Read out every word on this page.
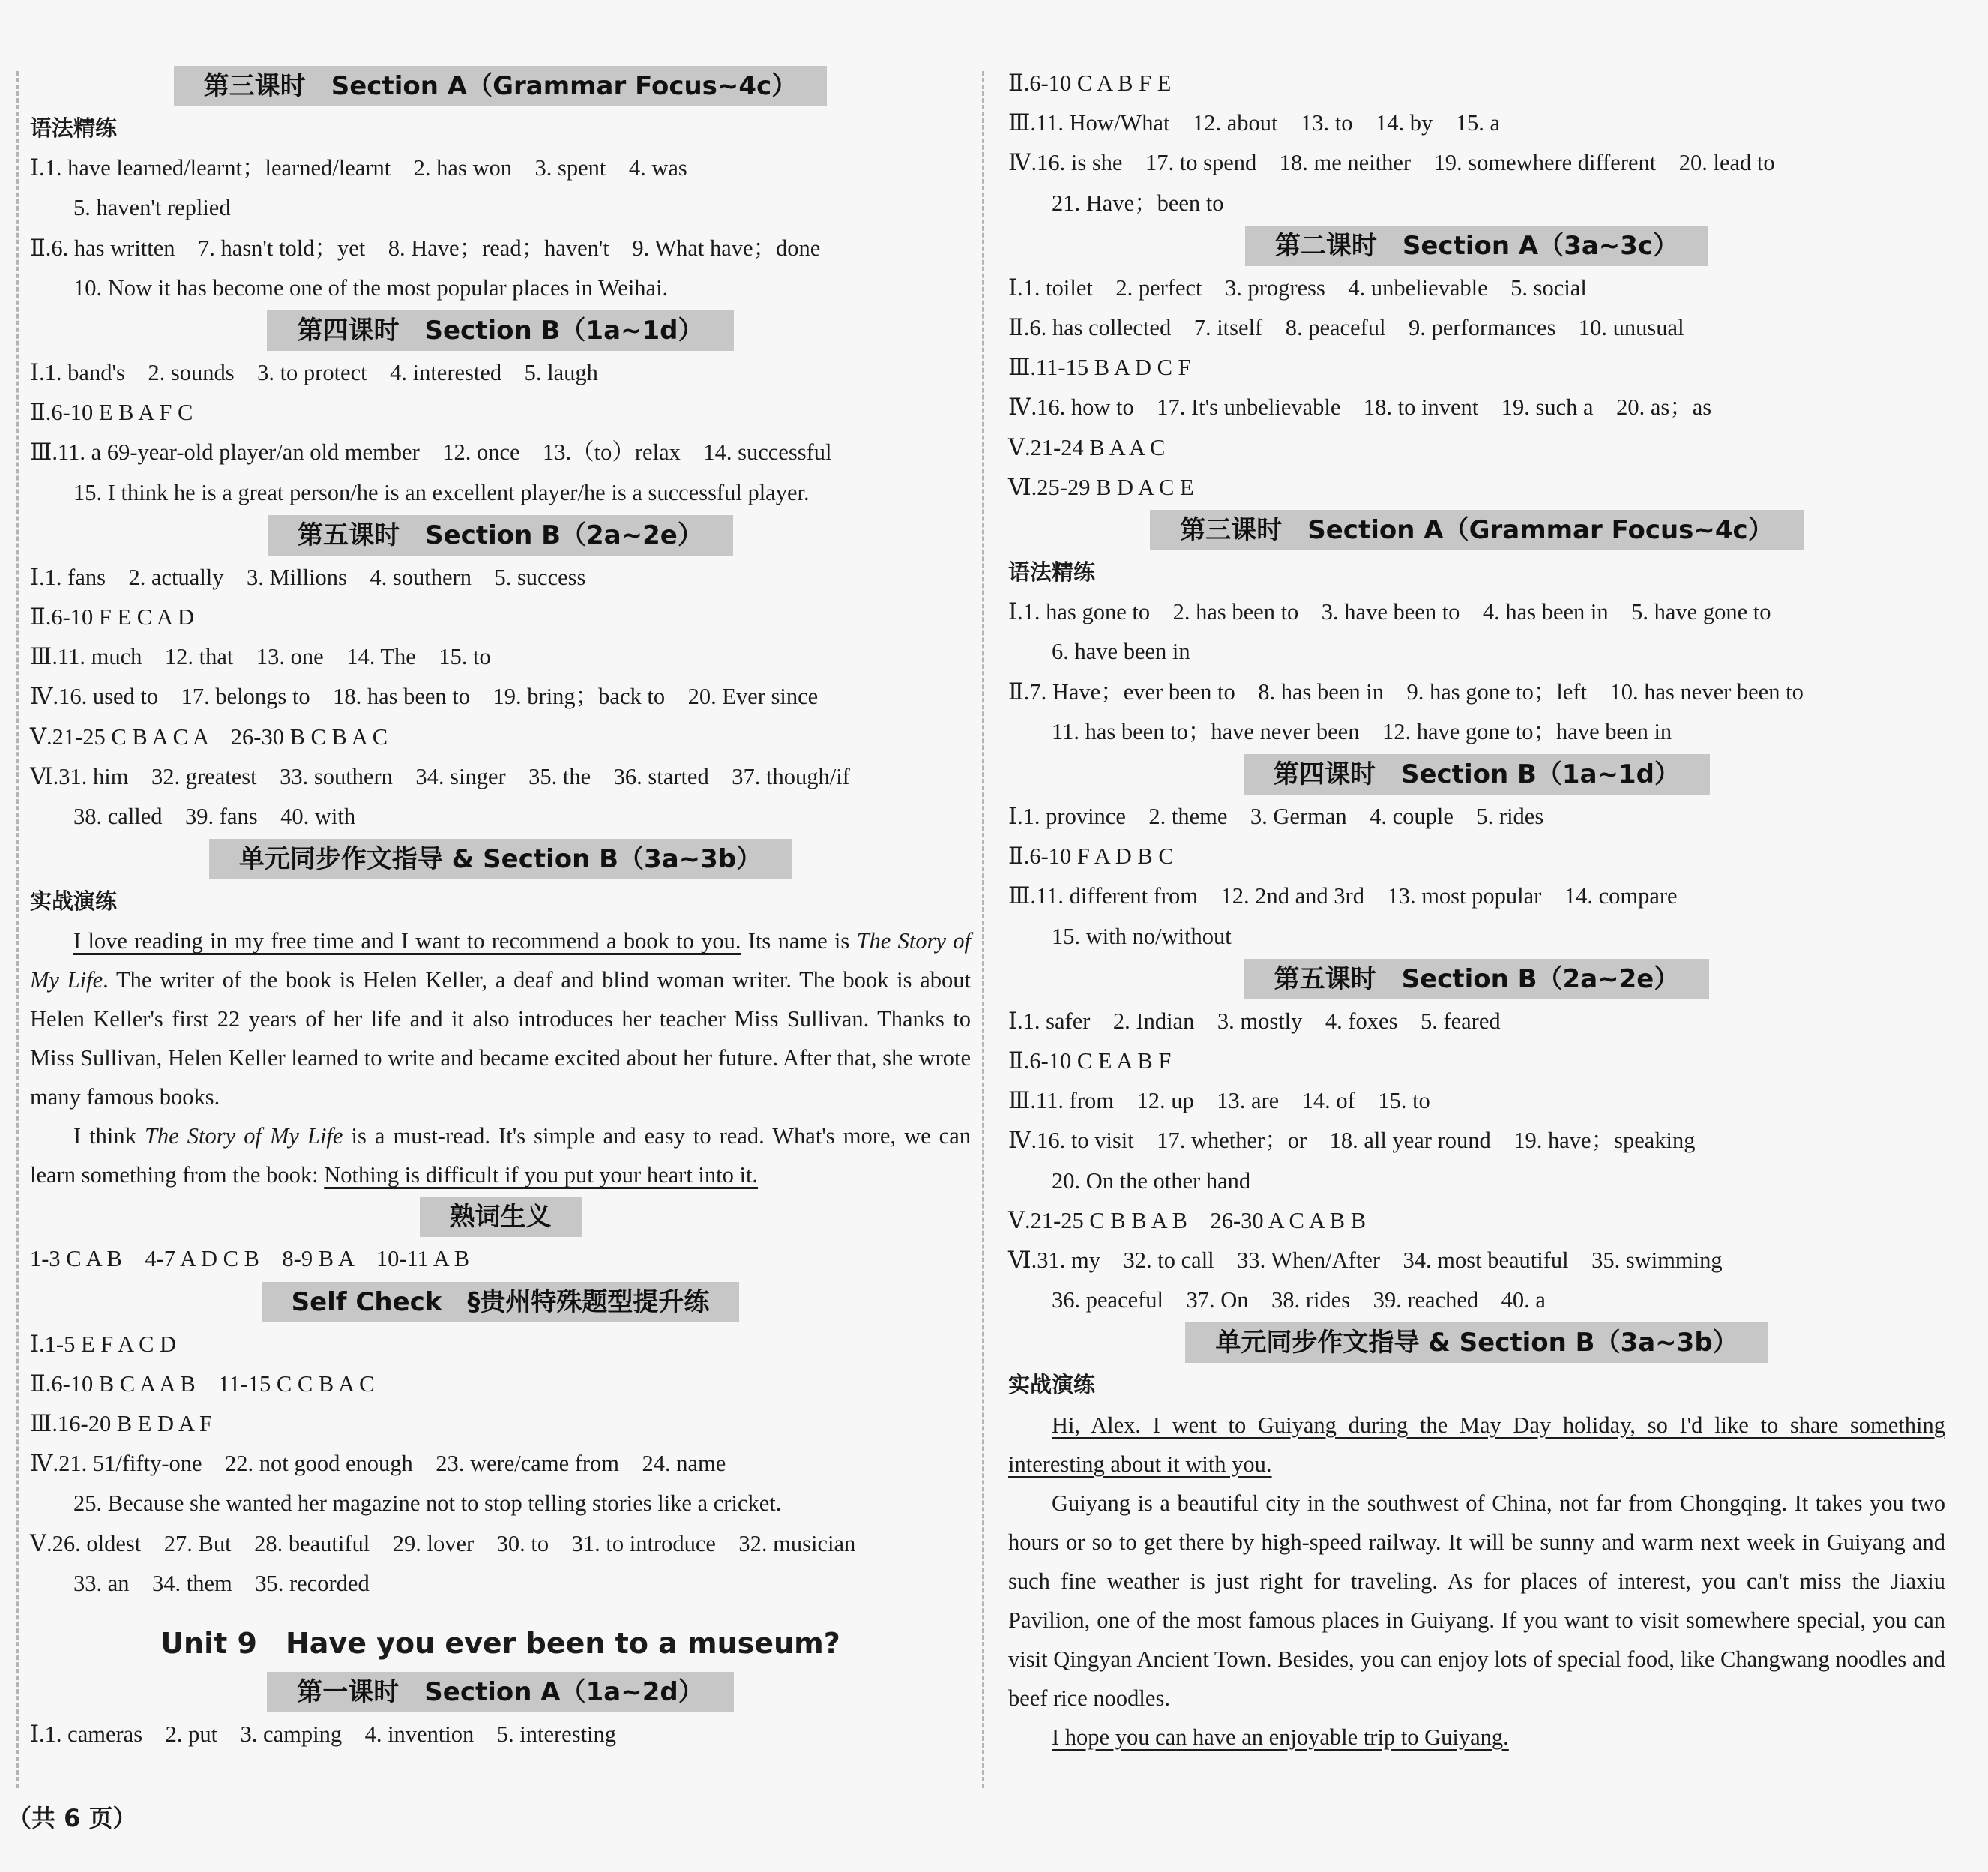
第三课时　Section A（Grammar Focus~4c）
语法精练
Ⅰ.1. have learned/learnt；learned/learnt　2. has won　3. spent　4. was
5. haven't replied
Ⅱ.6. has written　7. hasn't told；yet　8. Have；read；haven't　9. What have；done
10. Now it has become one of the most popular places in Weihai.
第四课时　Section B（1a~1d）
Ⅰ.1. band's　2. sounds　3. to protect　4. interested　5. laugh
Ⅱ.6-10 E B A F C
Ⅲ.11. a 69-year-old player/an old member　12. once　13.（to）relax　14. successful
15. I think he is a great person/he is an excellent player/he is a successful player.
第五课时　Section B（2a~2e）
Ⅰ.1. fans　2. actually　3. Millions　4. southern　5. success
Ⅱ.6-10 F E C A D
Ⅲ.11. much　12. that　13. one　14. The　15. to
Ⅳ.16. used to　17. belongs to　18. has been to　19. bring；back to　20. Ever since
Ⅴ.21-25 C B A C A　26-30 B C B A C
Ⅵ.31. him　32. greatest　33. southern　34. singer　35. the　36. started　37. though/if
38. called　39. fans　40. with
单元同步作文指导 & Section B（3a~3b）
实战演练
I love reading in my free time and I want to recommend a book to you. Its name is The Story of My Life. The writer of the book is Helen Keller, a deaf and blind woman writer. The book is about Helen Keller's first 22 years of her life and it also introduces her teacher Miss Sullivan. Thanks to Miss Sullivan, Helen Keller learned to write and became excited about her future. After that, she wrote many famous books.
I think The Story of My Life is a must-read. It's simple and easy to read. What's more, we can learn something from the book: Nothing is difficult if you put your heart into it.
熟词生义
1-3 C A B　4-7 A D C B　8-9 B A　10-11 A B
Self Check　§贵州特殊题型提升练
Ⅰ.1-5 E F A C D
Ⅱ.6-10 B C A A B　11-15 C C B A C
Ⅲ.16-20 B E D A F
Ⅳ.21. 51/fifty-one　22. not good enough　23. were/came from　24. name
25. Because she wanted her magazine not to stop telling stories like a cricket.
Ⅴ.26. oldest　27. But　28. beautiful　29. lover　30. to　31. to introduce　32. musician
33. an　34. them　35. recorded
Unit 9　Have you ever been to a museum?
第一课时　Section A（1a~2d）
Ⅰ.1. cameras　2. put　3. camping　4. invention　5. interesting
Ⅱ.6-10 C A B F E
Ⅲ.11. How/What　12. about　13. to　14. by　15. a
Ⅳ.16. is she　17. to spend　18. me neither　19. somewhere different　20. lead to
21. Have；been to
第二课时　Section A（3a~3c）
Ⅰ.1. toilet　2. perfect　3. progress　4. unbelievable　5. social
Ⅱ.6. has collected　7. itself　8. peaceful　9. performances　10. unusual
Ⅲ.11-15 B A D C F
Ⅳ.16. how to　17. It's unbelievable　18. to invent　19. such a　20. as；as
Ⅴ.21-24 B A A C
Ⅵ.25-29 B D A C E
第三课时　Section A（Grammar Focus~4c）
语法精练
Ⅰ.1. has gone to　2. has been to　3. have been to　4. has been in　5. have gone to
6. have been in
Ⅱ.7. Have；ever been to　8. has been in　9. has gone to；left　10. has never been to
11. has been to；have never been　12. have gone to；have been in
第四课时　Section B（1a~1d）
Ⅰ.1. province　2. theme　3. German　4. couple　5. rides
Ⅱ.6-10 F A D B C
Ⅲ.11. different from　12. 2nd and 3rd　13. most popular　14. compare
15. with no/without
第五课时　Section B（2a~2e）
Ⅰ.1. safer　2. Indian　3. mostly　4. foxes　5. feared
Ⅱ.6-10 C E A B F
Ⅲ.11. from　12. up　13. are　14. of　15. to
Ⅳ.16. to visit　17. whether；or　18. all year round　19. have；speaking
20. On the other hand
Ⅴ.21-25 C B B A B　26-30 A C A B B
Ⅵ.31. my　32. to call　33. When/After　34. most beautiful　35. swimming
36. peaceful　37. On　38. rides　39. reached　40. a
单元同步作文指导 & Section B（3a~3b）
实战演练
Hi, Alex. I went to Guiyang during the May Day holiday, so I'd like to share something interesting about it with you.
Guiyang is a beautiful city in the southwest of China, not far from Chongqing. It takes you two hours or so to get there by high-speed railway. It will be sunny and warm next week in Guiyang and such fine weather is just right for traveling. As for places of interest, you can't miss the Jiaxiu Pavilion, one of the most famous places in Guiyang. If you want to visit somewhere special, you can visit Qingyan Ancient Town. Besides, you can enjoy lots of special food, like Changwang noodles and beef rice noodles.
I hope you can have an enjoyable trip to Guiyang.
（共 6 页）
